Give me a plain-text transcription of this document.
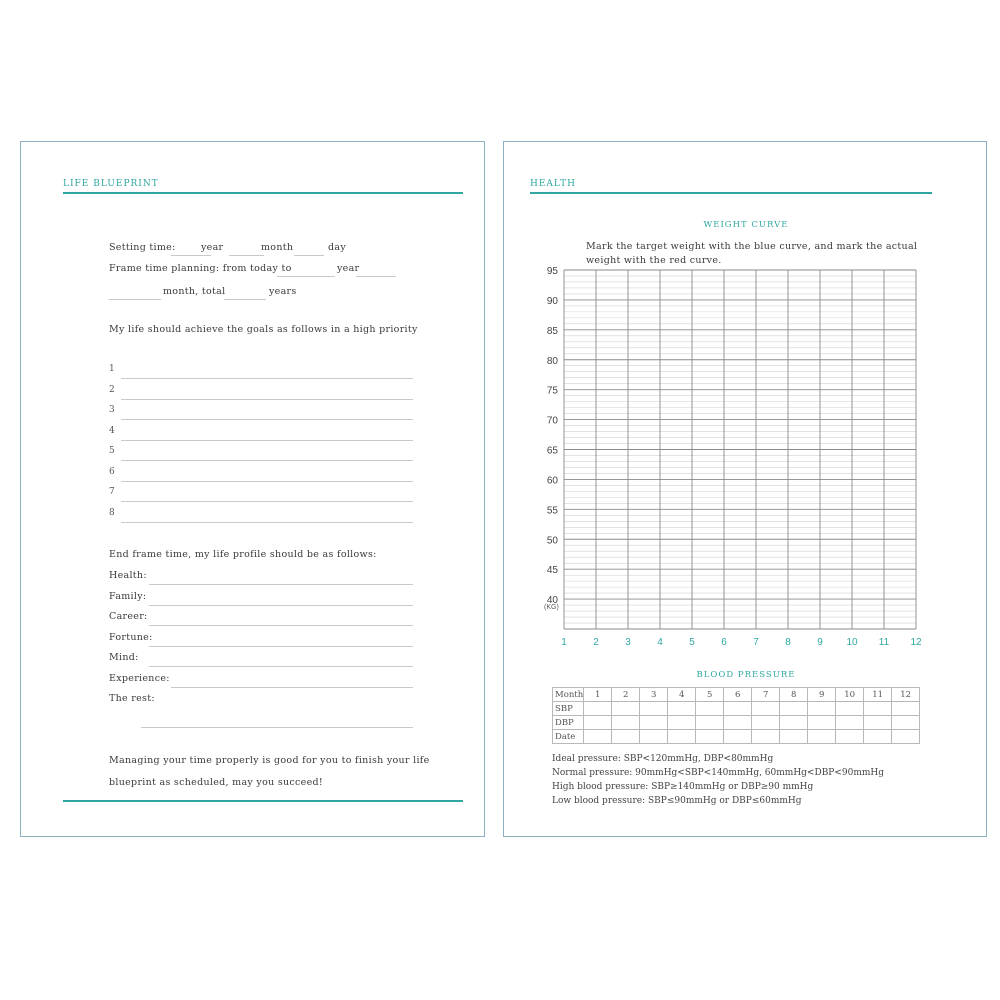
LIFE BLUEPRINT
Setting time:	year	month	day
Frame time planning: from today to	year
month, total	years
My life should achieve the goals as follows in a high priority
End frame time, my life profile should be as follows:
Managing your time properly is good for you to finish your life
blueprint as scheduled, may you succeed!
1
2
3
4
5
6
7
8
Health:
Family:
Career:
Fortune:
Mind:
Experience:
The rest:
HEALTH
WEIGHT CURVE
Mark the target weight with the blue curve, and mark the actual
weight with the red curve.
40
45
50
55
60
65
70
75
80
85
90
95
1	2	3	4	5	6	7	8	9 10 11 12
(KG)
BLOOD PRESSURE
Month	1	2	3	4	5	6	7	8	9	10	11	12
SBP												
DBP												
Date												
Ideal pressure: SBP<120mmHg, DBP<80mmHg
Normal pressure: 90mmHg<SBP<140mmHg, 60mmHg<DBP<90mmHg
High blood pressure: SBP≥140mmHg or DBP≥90 mmHg
Low blood pressure: SBP≤90mmHg or DBP≤60mmHg
